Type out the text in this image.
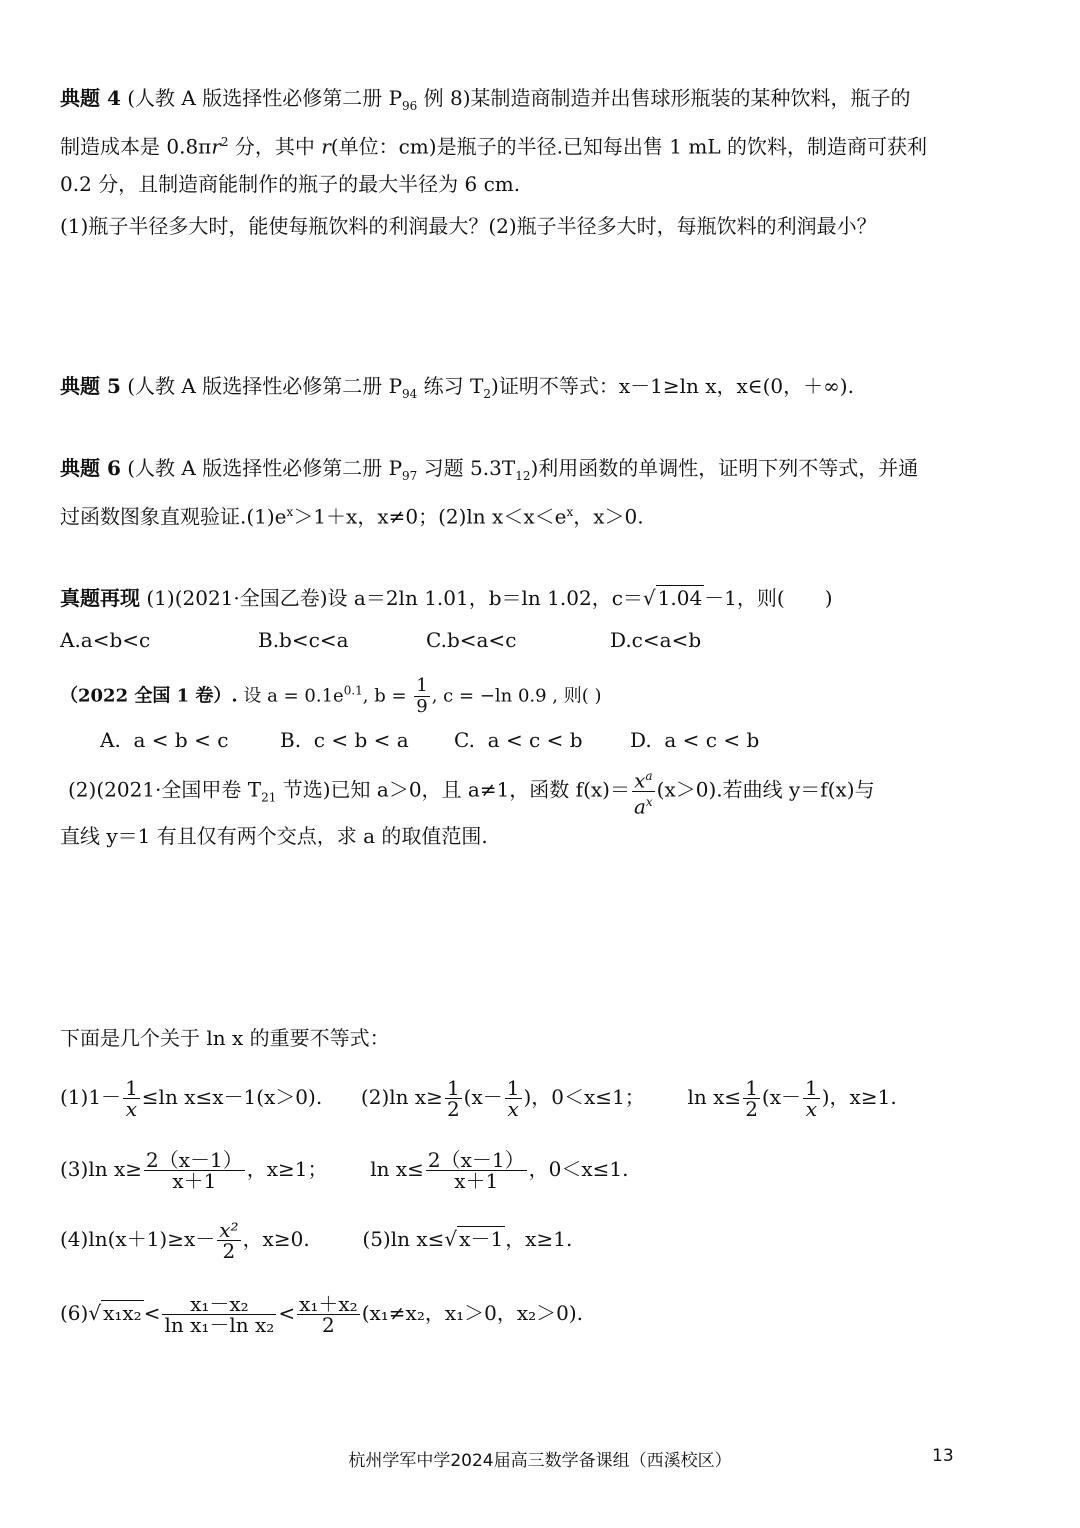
典题 4 (人教 A 版选择性必修第二册 $P_{96}$ 例 8)某制造商制造并出售球形瓶装的某种饮料，瓶子的
制造成本是 $0.8\pi r^2$ 分，其中 r(单位：cm)是瓶子的半径.已知每出售 1 mL 的饮料，制造商可获利
0.2 分，且制造商能制作的瓶子的最大半径为 6 cm.
(1)瓶子半径多大时，能使每瓶饮料的利润最大？(2)瓶子半径多大时，每瓶饮料的利润最小？
典题 5 (人教 A 版选择性必修第二册 $P_{94}$ 练习 $T_2$)证明不等式：x－1≥ln x，x∈(0，＋∞).
典题 6 (人教 A 版选择性必修第二册 $P_{97}$ 习题 $5.3T_{12}$)利用函数的单调性，证明下列不等式，并通
过函数图象直观验证$.(1)e^x>1+x$，x≠0；(2)ln $x<x<e^x$，x＞0.
真题再现 (1)(2021·全国乙卷)设 a＝2ln 1.01，b＝ln 1.02，c＝√ 1.04 －1，则(　　)
A.a<b<c	B.b<c<a	C.b<a<c	D.c<a<b
（2022 全国 1 卷）. 设 $a = 0.1e^{0.1}$, $b = \frac{1}{9}$ , c = −ln 0.9 , 则( )
A.  a < b < c	B.  c < b < a C.  a < c < b D.  a < c < b
(2)(2021·全国甲卷 $T_{21}$ 节选)已知 a＞0，且 a≠1，函数 $f(x)= \frac{x^a}{a^x} (x>0)$.若曲线 y＝f(x)与
直线 y＝1 有且仅有两个交点，求 a 的取值范围.
下面是几个关于 ln x 的重要不等式：
$(1)1- \frac{1}{x} \le\ln$ x≤x－1(x＞0). (2)ln $x\ge \frac{1}{2} (x- \frac{1}{x}$ )，0＜x≤1； $\ln x\le \frac{1}{2} (x- \frac{1}{x}$ )，x≥1.
(3)ln $x\ge \frac{2(x-1)}{x+1}$ ，x≥1； $\ln x\le \frac{2(x-1)}{x+1}$ ，0＜x≤1.
$(4)\ln(x+1)\ge x- \frac{\text{x²}}{2}$ ，x≥0.	(5)ln x≤√ x－1 ，x≥1.
(6)√ $x_1x_2 < \frac{\text{x₁－x₂}}{\text{ln x₁－ln x₂}} < \frac{\text{x₁＋x₂}}{2} (x_1\ne x_2$，x₁＞0，x₂＞0).
杭州学军中学2024届高三数学备课组（西溪校区）	13
